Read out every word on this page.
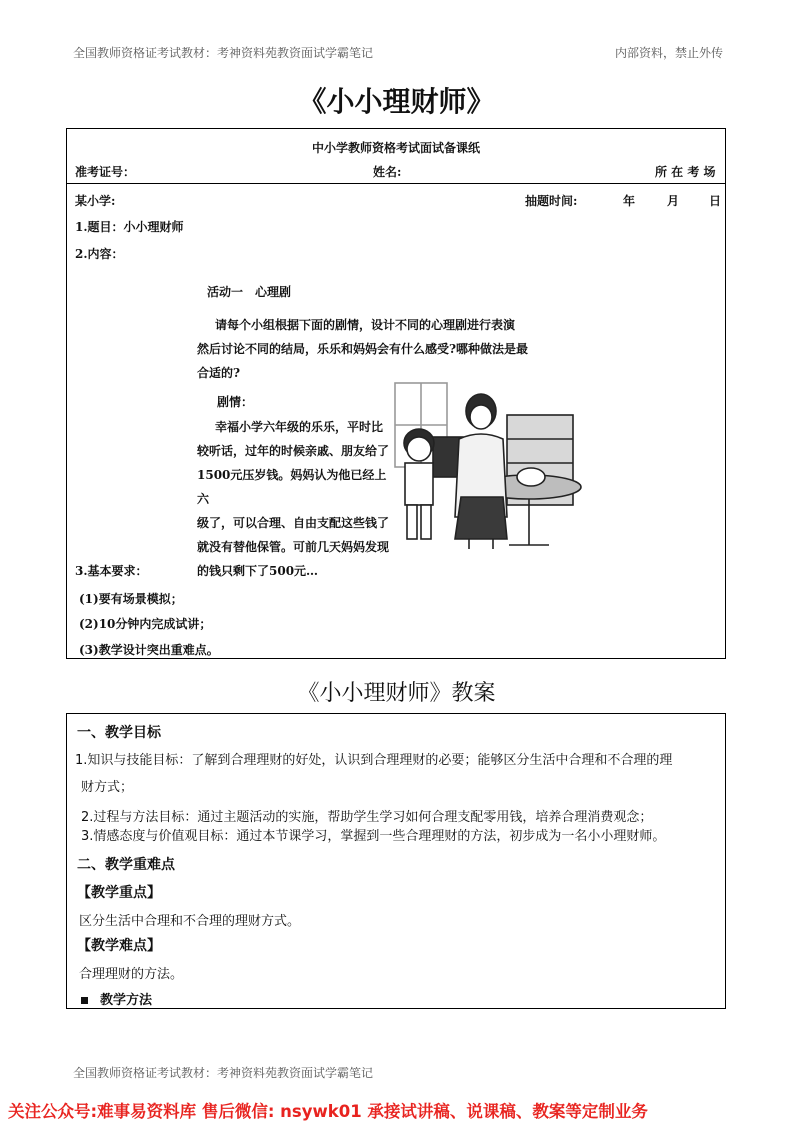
全国教师资格证考试教材：考神资料苑教资面试学霸笔记	内部资料，禁止外传
《小小理财师》
中小学教师资格考试面试备课纸
准考证号：	姓名:	所 在 考 场
某小学:	抽题时间:	年	月 日
1.题目：小小理财师
2.内容：
活动一　心理剧
请每个小组根据下面的剧情，设计不同的心理剧进行表演
然后讨论不同的结局，乐乐和妈妈会有什么感受?哪种做法是最
合适的?
剧情：
幸福小学六年级的乐乐，平时比
较听话，过年的时候亲戚、朋友给了
1500元压岁钱。妈妈认为他已经上六
级了，可以合理、自由支配这些钱了
就没有替他保管。可前几天妈妈发现
的钱只剩下了500元…
3.基本要求：
(1)要有场景模拟；
(2)10分钟内完成试讲；
(3)教学设计突出重难点。
《小小理财师》教案
一、教学目标
1.知识与技能目标：了解到合理理财的好处，认识到合理理财的必要；能够区分生活中合理和不合理的理
财方式；
2.过程与方法目标：通过主题活动的实施，帮助学生学习如何合理支配零用钱，培养合理消费观念；
3.情感态度与价值观目标：通过本节课学习，掌握到一些合理理财的方法，初步成为一名小小理财师。
二、教学重难点
【教学重点】
区分生活中合理和不合理的理财方式。
【教学难点】
合理理财的方法。
教学方法
全国教师资格证考试教材：考神资料苑教资面试学霸笔记
关注公众号:难事易资料库 售后微信: nsywk01 承接试讲稿、说课稿、教案等定制业务
